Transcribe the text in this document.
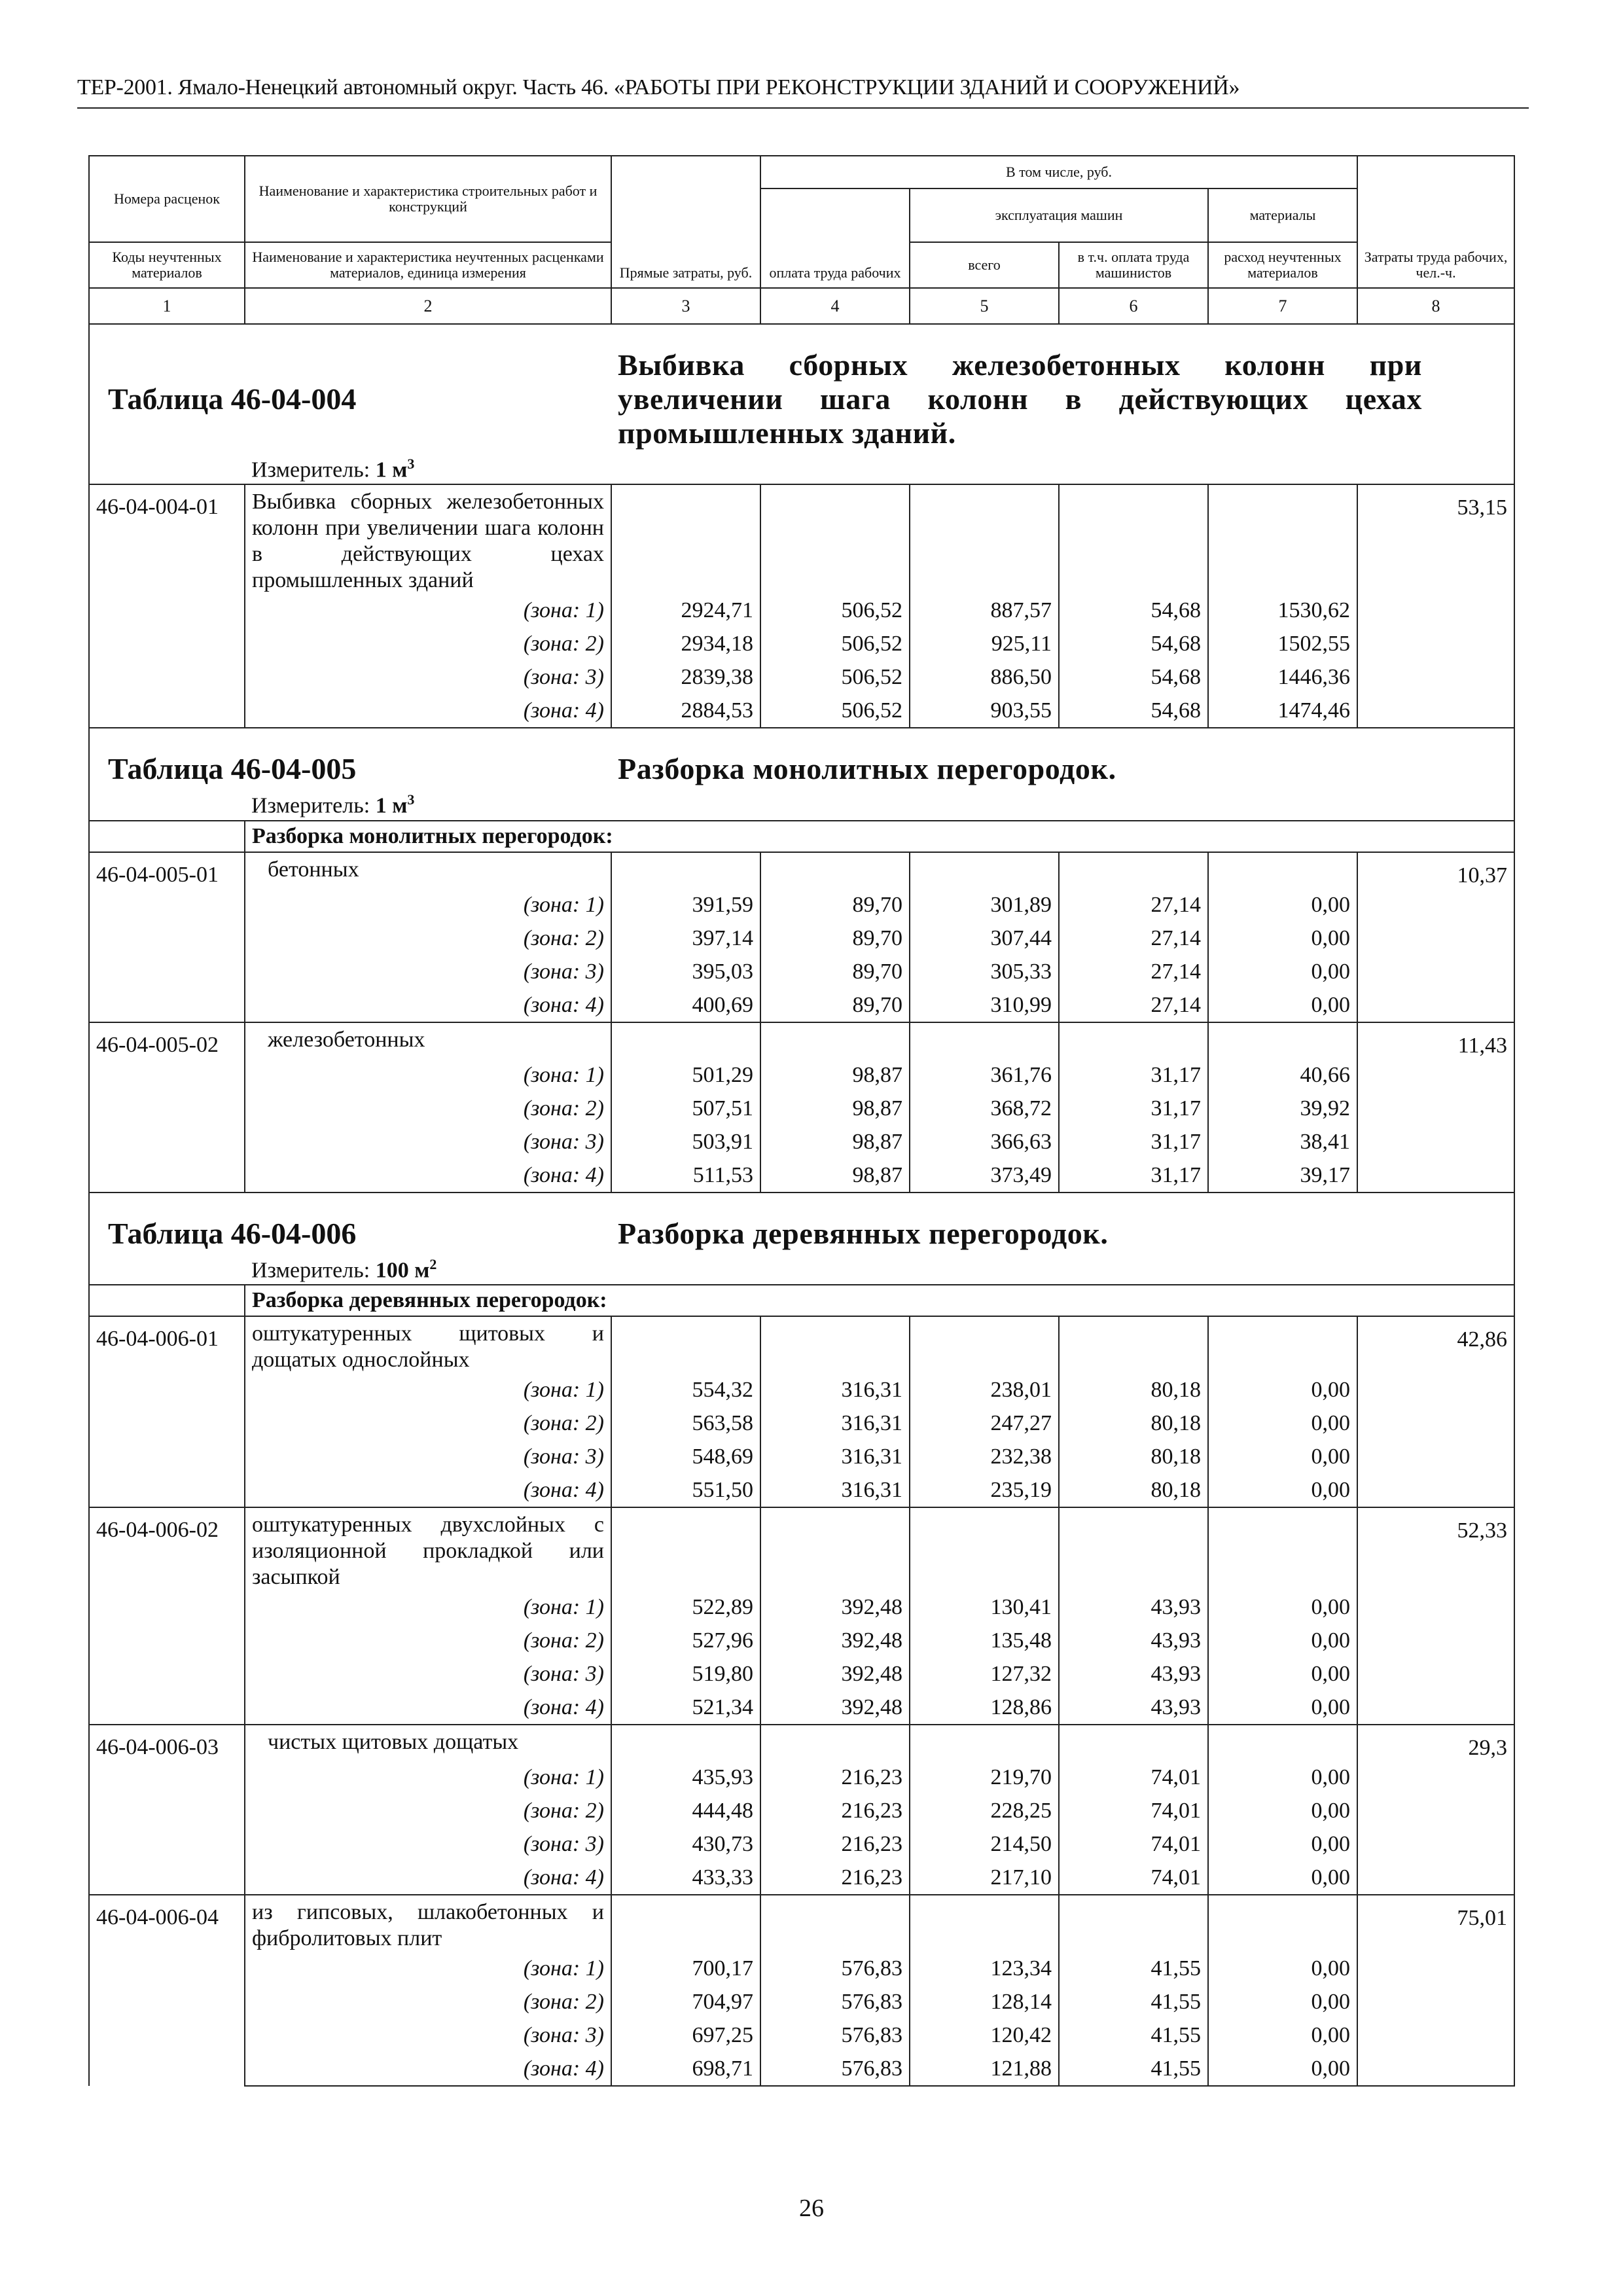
ТЕР-2001. Ямало-Ненецкий автономный округ. Часть 46. «РАБОТЫ ПРИ РЕКОНСТРУКЦИИ ЗДАНИЙ И СООРУЖЕНИЙ»
Номера расценок	Наименование и характеристика строительных работ и конструкций	Прямые затраты, руб.	В том числе, руб.				Затраты труда рабочих, чел.-ч.
			оплата труда рабочих	эксплуатация машин		материалы	
Коды неучтенных материалов	Наименование и характеристика неучтенных расценками материалов, единица измерения			всего	в т.ч. оплата труда машинистов	расход неучтенных материалов	

1	2	3	4	5	6	7	8
Таблица 46-04-004		Выбивка сборных железобетонных колонн при увеличении шага колонн в действующих цехах промышленных зданий.					
	Измеритель: 1 $м^3$
46-04-004-01	Выбивка сборных железобетонных колонн при увеличении шага колонн в действующих цехах промышленных зданий						53,15
	(зона: 1)	2924,71	506,52	887,57	54,68	1530,62	
	(зона: 2)	2934,18	506,52	925,11	54,68	1502,55	
	(зона: 3)	2839,38	506,52	886,50	54,68	1446,36	
	(зона: 4)	2884,53	506,52	903,55	54,68	1474,46	
Таблица 46-04-005		Разборка монолитных перегородок.					
	Измеритель: 1 $м^3$
	Разборка монолитных перегородок:						
46-04-005-01	бетонных						10,37
	(зона: 1)	391,59	89,70	301,89	27,14	0,00	
	(зона: 2)	397,14	89,70	307,44	27,14	0,00	
	(зона: 3)	395,03	89,70	305,33	27,14	0,00	
	(зона: 4)	400,69	89,70	310,99	27,14	0,00	
46-04-005-02	железобетонных						11,43
	(зона: 1)	501,29	98,87	361,76	31,17	40,66	
	(зона: 2)	507,51	98,87	368,72	31,17	39,92	
	(зона: 3)	503,91	98,87	366,63	31,17	38,41	
	(зона: 4)	511,53	98,87	373,49	31,17	39,17	
Таблица 46-04-006		Разборка деревянных перегородок.					
	Измеритель: 100 $м^2$
	Разборка деревянных перегородок:						
46-04-006-01	оштукатуренных щитовых и дощатых однослойных						42,86
	(зона: 1)	554,32	316,31	238,01	80,18	0,00	
	(зона: 2)	563,58	316,31	247,27	80,18	0,00	
	(зона: 3)	548,69	316,31	232,38	80,18	0,00	
	(зона: 4)	551,50	316,31	235,19	80,18	0,00	
46-04-006-02	оштукатуренных двухслойных с изоляционной прокладкой или засыпкой						52,33
	(зона: 1)	522,89	392,48	130,41	43,93	0,00	
	(зона: 2)	527,96	392,48	135,48	43,93	0,00	
	(зона: 3)	519,80	392,48	127,32	43,93	0,00	
	(зона: 4)	521,34	392,48	128,86	43,93	0,00	
46-04-006-03	чистых щитовых дощатых						29,3
	(зона: 1)	435,93	216,23	219,70	74,01	0,00	
	(зона: 2)	444,48	216,23	228,25	74,01	0,00	
	(зона: 3)	430,73	216,23	214,50	74,01	0,00	
	(зона: 4)	433,33	216,23	217,10	74,01	0,00	
46-04-006-04	из гипсовых, шлакобетонных и фибролитовых плит						75,01
	(зона: 1)	700,17	576,83	123,34	41,55	0,00	
	(зона: 2)	704,97	576,83	128,14	41,55	0,00	
	(зона: 3)	697,25	576,83	120,42	41,55	0,00	
	(зона: 4)	698,71	576,83	121,88	41,55	0,00	
26
